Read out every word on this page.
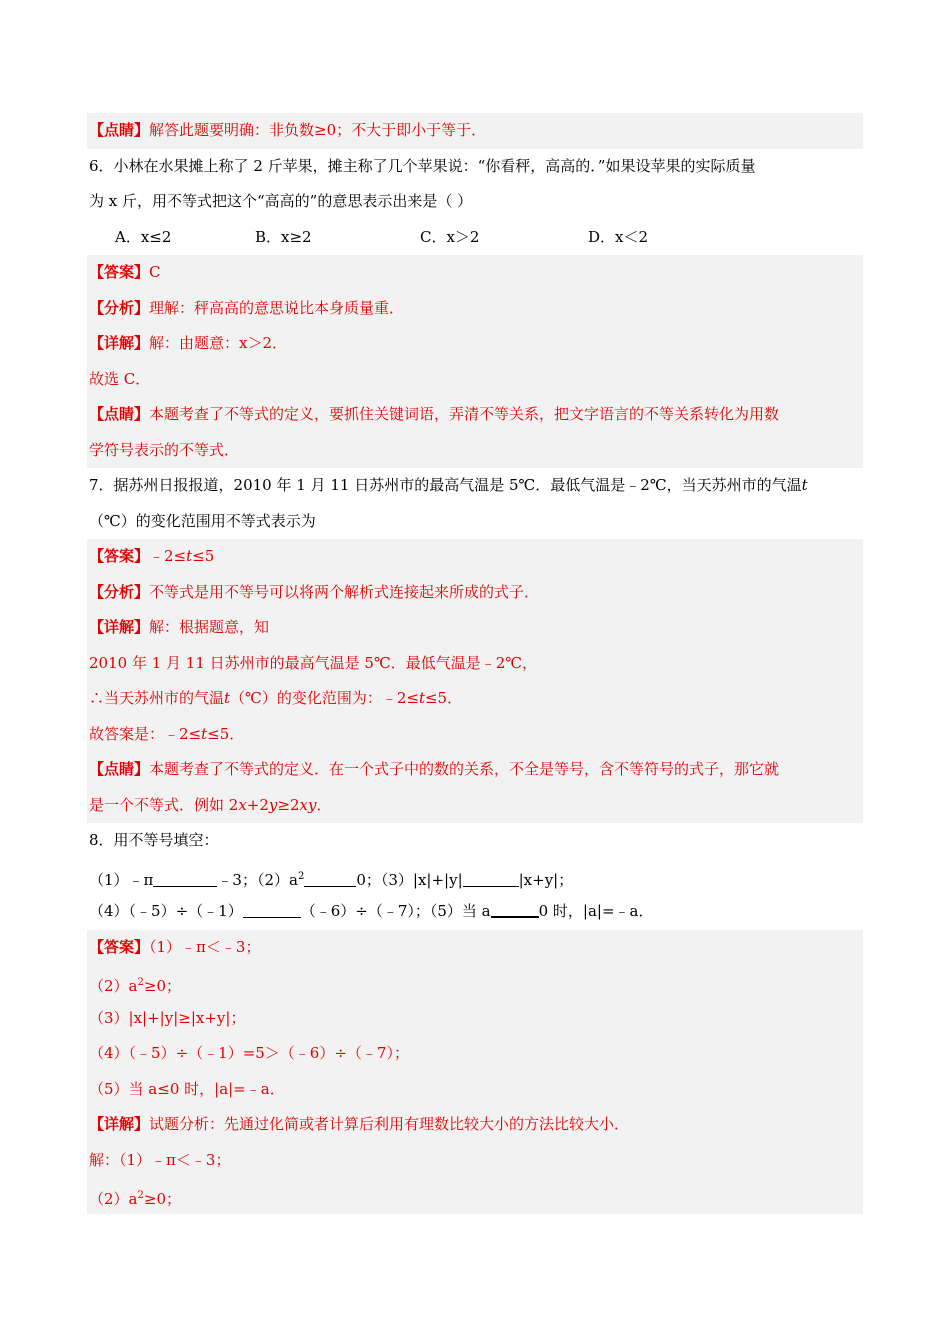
【点睛】解答此题要明确：非负数≥0；不大于即小于等于．
6．小林在水果摊上称了 2 斤苹果，摊主称了几个苹果说：“你看秤，高高的．”如果设苹果的实际质量
为 x 斤，用不等式把这个“高高的”的意思表示出来是（ ）
A．x≤2	B．x≥2	C．x＞2	D．x＜2
【答案】C
【分析】理解：秤高高的意思说比本身质量重．
【详解】解：由题意：x＞2．
故选 C．
【点睛】本题考查了不等式的定义，要抓住关键词语，弄清不等关系，把文字语言的不等关系转化为用数
学符号表示的不等式．
7．据苏州日报报道，2010 年 1 月 11 日苏州市的最高气温是 5℃．最低气温是﹣2℃，当天苏州市的气温t
（℃）的变化范围用不等式表示为
【答案】﹣2≤t≤5
【分析】不等式是用不等号可以将两个解析式连接起来所成的式子．
【详解】解：根据题意，知
2010 年 1 月 11 日苏州市的最高气温是 5℃．最低气温是﹣2℃，
∴当天苏州市的气温t（℃）的变化范围为：﹣2≤t≤5．
故答案是：﹣2≤t≤5．
【点睛】本题考查了不等式的定义．在一个式子中的数的关系，不全是等号，含不等符号的式子，那它就
是一个不等式．例如 2x+2y≥2xy．
8．用不等号填空：
（1）﹣π	﹣3；$(2)a^2$	0；（3）|x|+|y|	|x+y|；
（4）（﹣5）÷（﹣1）	（﹣6）÷（﹣7）；（5）当 a	0 时，|a|=﹣a．
【答案】（1）﹣π＜﹣3；
$(2)a^2\ge 0$；
（3）|x|+|y|≥|x+y|；
（4）（﹣5）÷（﹣1）=5＞（﹣6）÷（﹣7）；
（5）当 a≤0 时，|a|=﹣a．
【详解】试题分析：先通过化简或者计算后利用有理数比较大小的方法比较大小．
解：（1）﹣π＜﹣3；
$(2)a^2\ge 0$；
